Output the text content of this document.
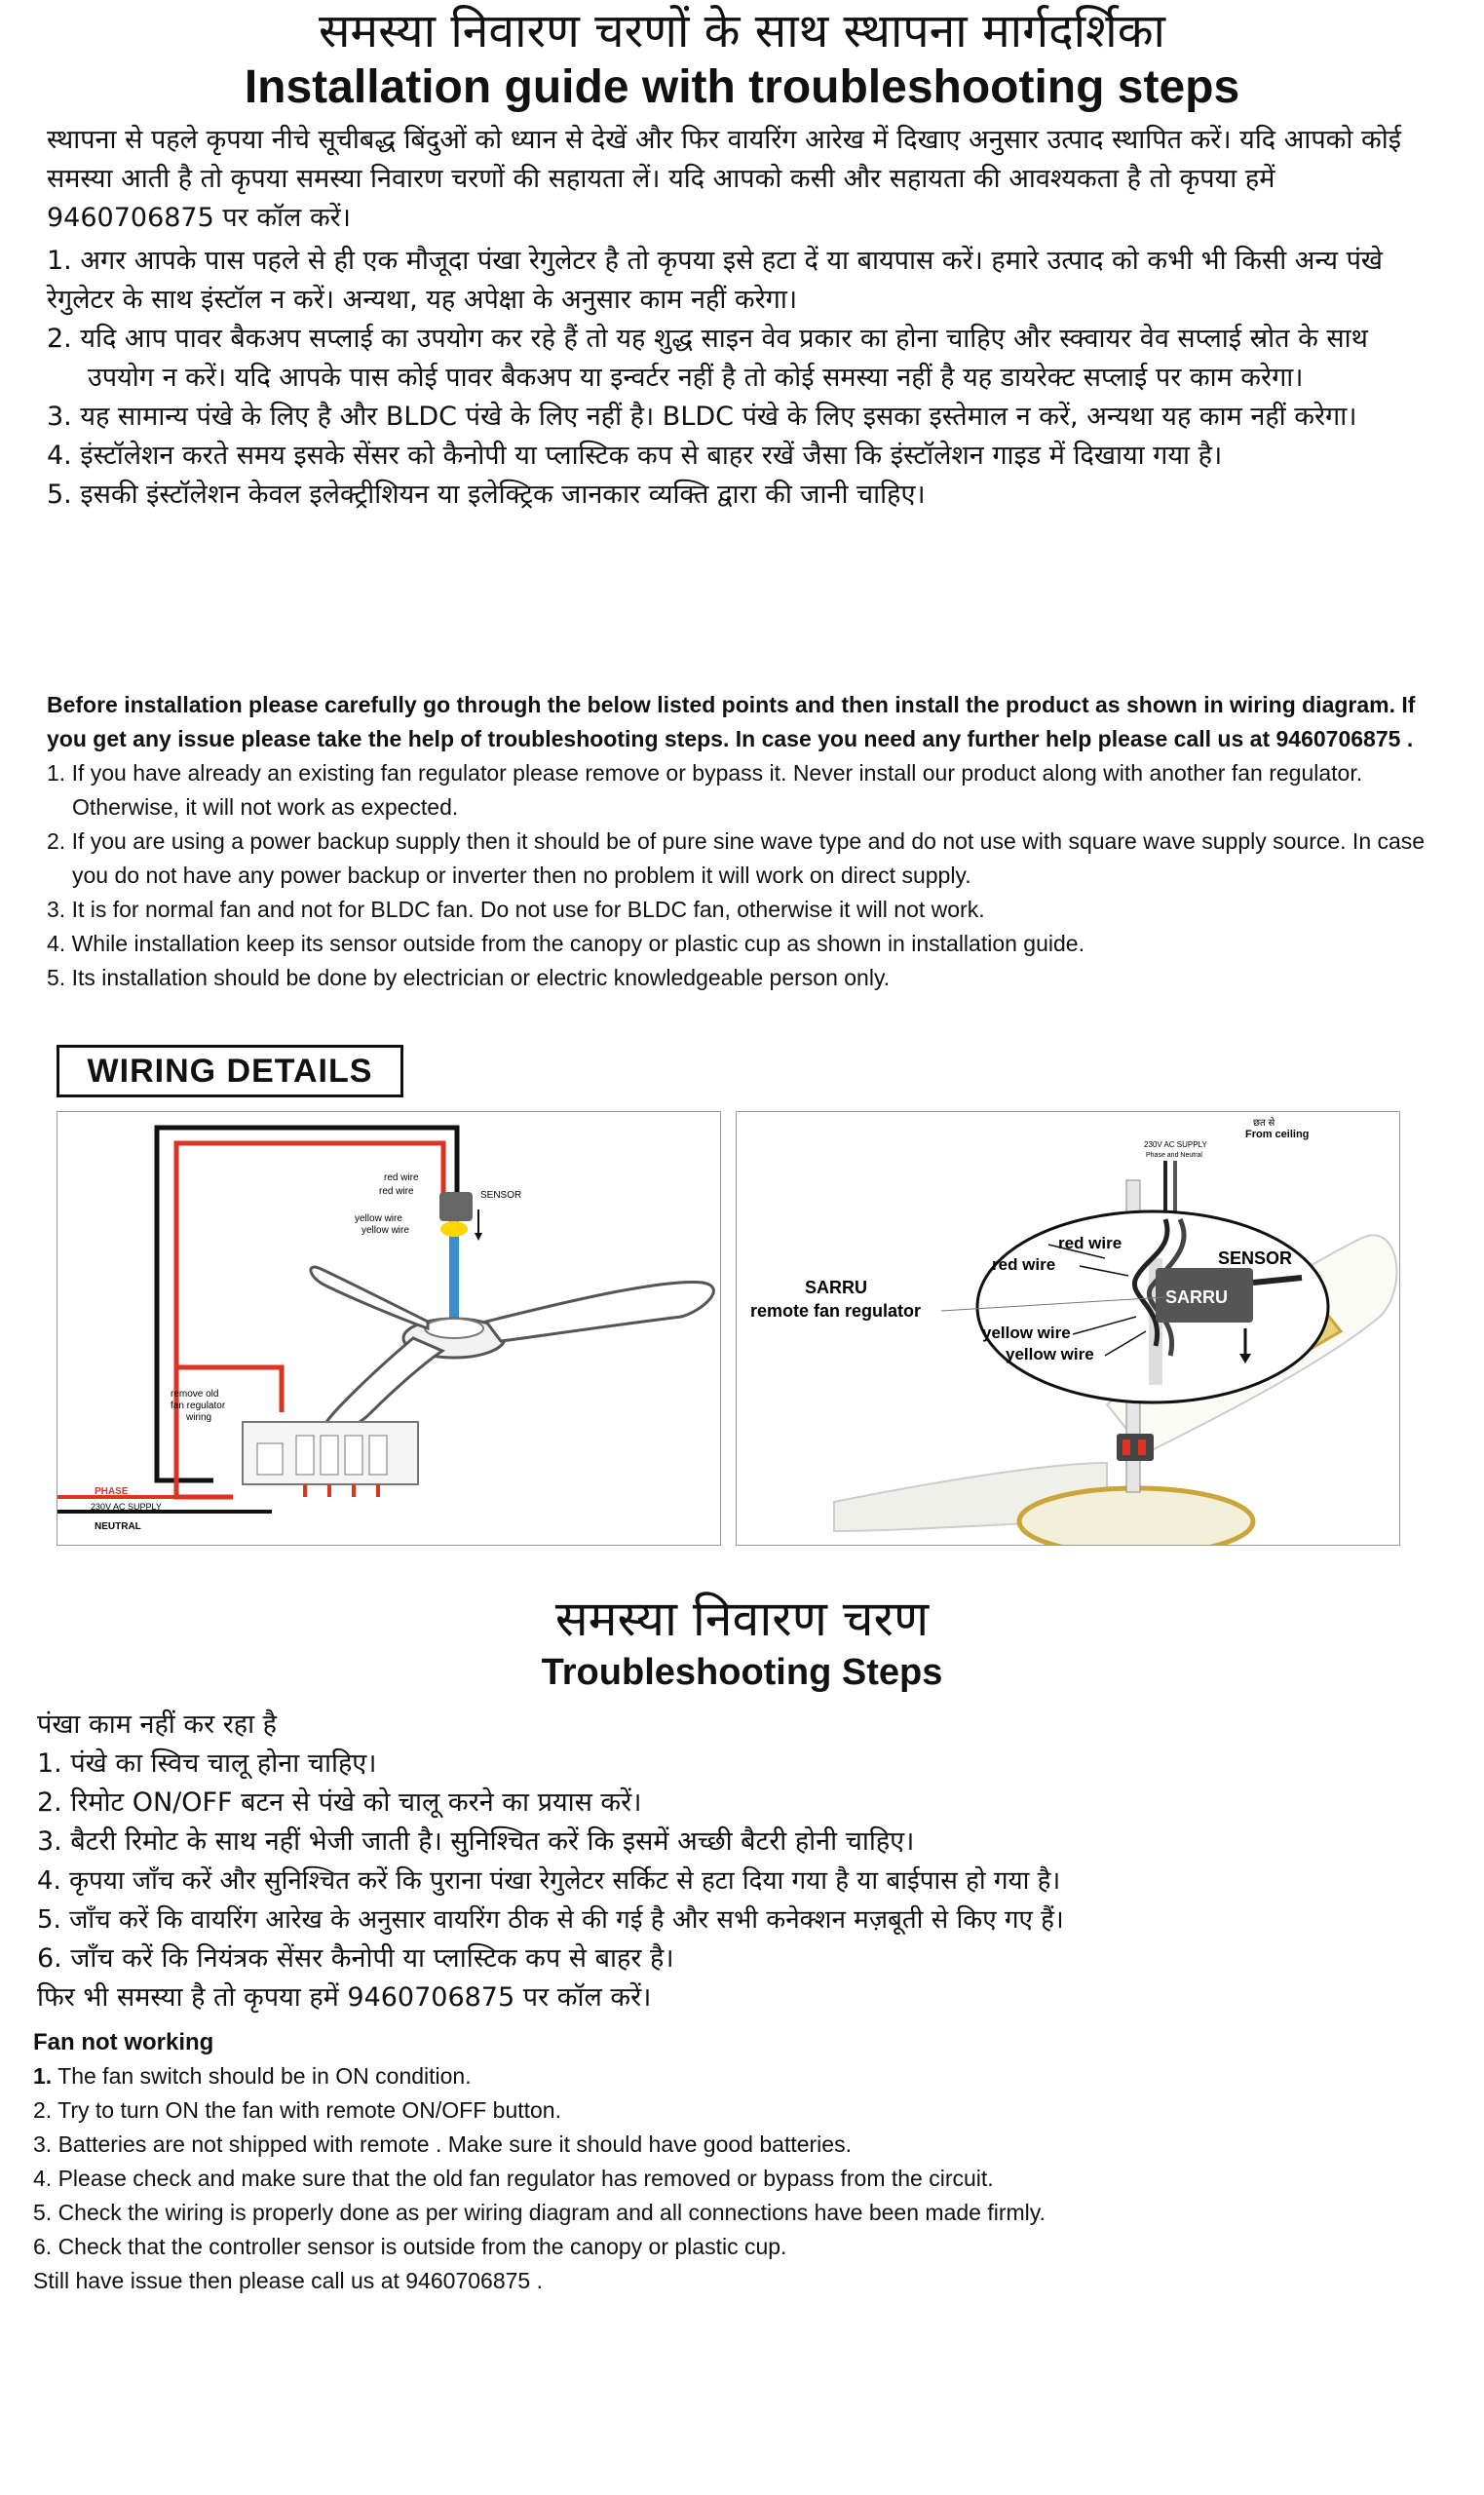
समस्या निवारण चरणों के साथ स्थापना मार्गदर्शिका
Installation guide with troubleshooting steps

स्थापना से पहले कृपया नीचे सूचीबद्ध बिंदुओं को ध्यान से देखें और फिर वायरिंग आरेख में दिखाए अनुसार उत्पाद स्थापित करें। यदि आपको कोई समस्या आती है तो कृपया समस्या निवारण चरणों की सहायता लें। यदि आपको कसी और सहायता की आवश्यकता है तो कृपया हमें 9460706875 पर कॉल करें।

1. अगर आपके पास पहले से ही एक मौजूदा पंखा रेगुलेटर है तो कृपया इसे हटा दें या बायपास करें। हमारे उत्पाद को कभी भी किसी अन्य पंखे रेगुलेटर के साथ इंस्टॉल न करें। अन्यथा, यह अपेक्षा के अनुसार काम नहीं करेगा।

2. यदि आप पावर बैकअप सप्लाई का उपयोग कर रहे हैं तो यह शुद्ध साइन वेव प्रकार का होना चाहिए और स्क्वायर वेव सप्लाई स्रोत के साथ उपयोग न करें। यदि आपके पास कोई पावर बैकअप या इन्वर्टर नहीं है तो कोई समस्या नहीं है यह डायरेक्ट सप्लाई पर काम करेगा।

3. यह सामान्य पंखे के लिए है और BLDC पंखे के लिए नहीं है। BLDC पंखे के लिए इसका इस्तेमाल न करें, अन्यथा यह काम नहीं करेगा।

4. इंस्टॉलेशन करते समय इसके सेंसर को कैनोपी या प्लास्टिक कप से बाहर रखें जैसा कि इंस्टॉलेशन गाइड में दिखाया गया है।

5. इसकी इंस्टॉलेशन केवल इलेक्ट्रीशियन या इलेक्ट्रिक जानकार व्यक्ति द्वारा की जानी चाहिए।

Before installation please carefully go through the below listed points and then install the product as shown in wiring diagram. If you get any issue please take the help of troubleshooting steps. In case you need any further help please call us at 9460706875 .

1. If you have already an existing fan regulator please remove or bypass it. Never install our product along with another fan regulator. Otherwise, it will not work as expected.

2. If you are using a power backup supply then it should be of pure sine wave type and do not use with square wave supply source. In case you do not have any power backup or inverter then no problem it will work on direct supply.

3. It is for normal fan and not for BLDC fan. Do not use for BLDC fan, otherwise it will not work.

4. While installation keep its sensor outside from the canopy or plastic cup as shown in installation guide.

5. Its installation should be done by electrician or electric knowledgeable person only.

WIRING DETAILS
red wire
red wire
yellow wire
yellow wire
SENSOR
remove old
fan regulator
wiring
PHASE
230V AC SUPPLY
NEUTRAL
SARRU
छत से
From ceiling
230V AC SUPPLY
Phase and Neutral
red wire
red wire
yellow wire
yellow wire
SENSOR
SARRU
remote fan regulator
समस्या निवारण चरण
Troubleshooting Steps

पंखा काम नहीं कर रहा है

1. पंखे का स्विच चालू होना चाहिए।

2. रिमोट ON/OFF बटन से पंखे को चालू करने का प्रयास करें।

3. बैटरी रिमोट के साथ नहीं भेजी जाती है। सुनिश्चित करें कि इसमें अच्छी बैटरी होनी चाहिए।

4. कृपया जाँच करें और सुनिश्चित करें कि पुराना पंखा रेगुलेटर सर्किट से हटा दिया गया है या बाईपास हो गया है।

5. जाँच करें कि वायरिंग आरेख के अनुसार वायरिंग ठीक से की गई है और सभी कनेक्शन मज़बूती से किए गए हैं।

6. जाँच करें कि नियंत्रक सेंसर कैनोपी या प्लास्टिक कप से बाहर है।

फिर भी समस्या है तो कृपया हमें 9460706875 पर कॉल करें।

Fan not working

1. The fan switch should be in ON condition.

2. Try to turn ON the fan with remote ON/OFF button.

3. Batteries are not shipped with remote . Make sure it should have good batteries.

4. Please check and make sure that the old fan regulator has removed or bypass from the circuit.

5. Check the wiring is properly done as per wiring diagram and all connections have been made firmly.

6. Check that the controller sensor is outside from the canopy or plastic cup.

Still have issue then please call us at 9460706875 .
